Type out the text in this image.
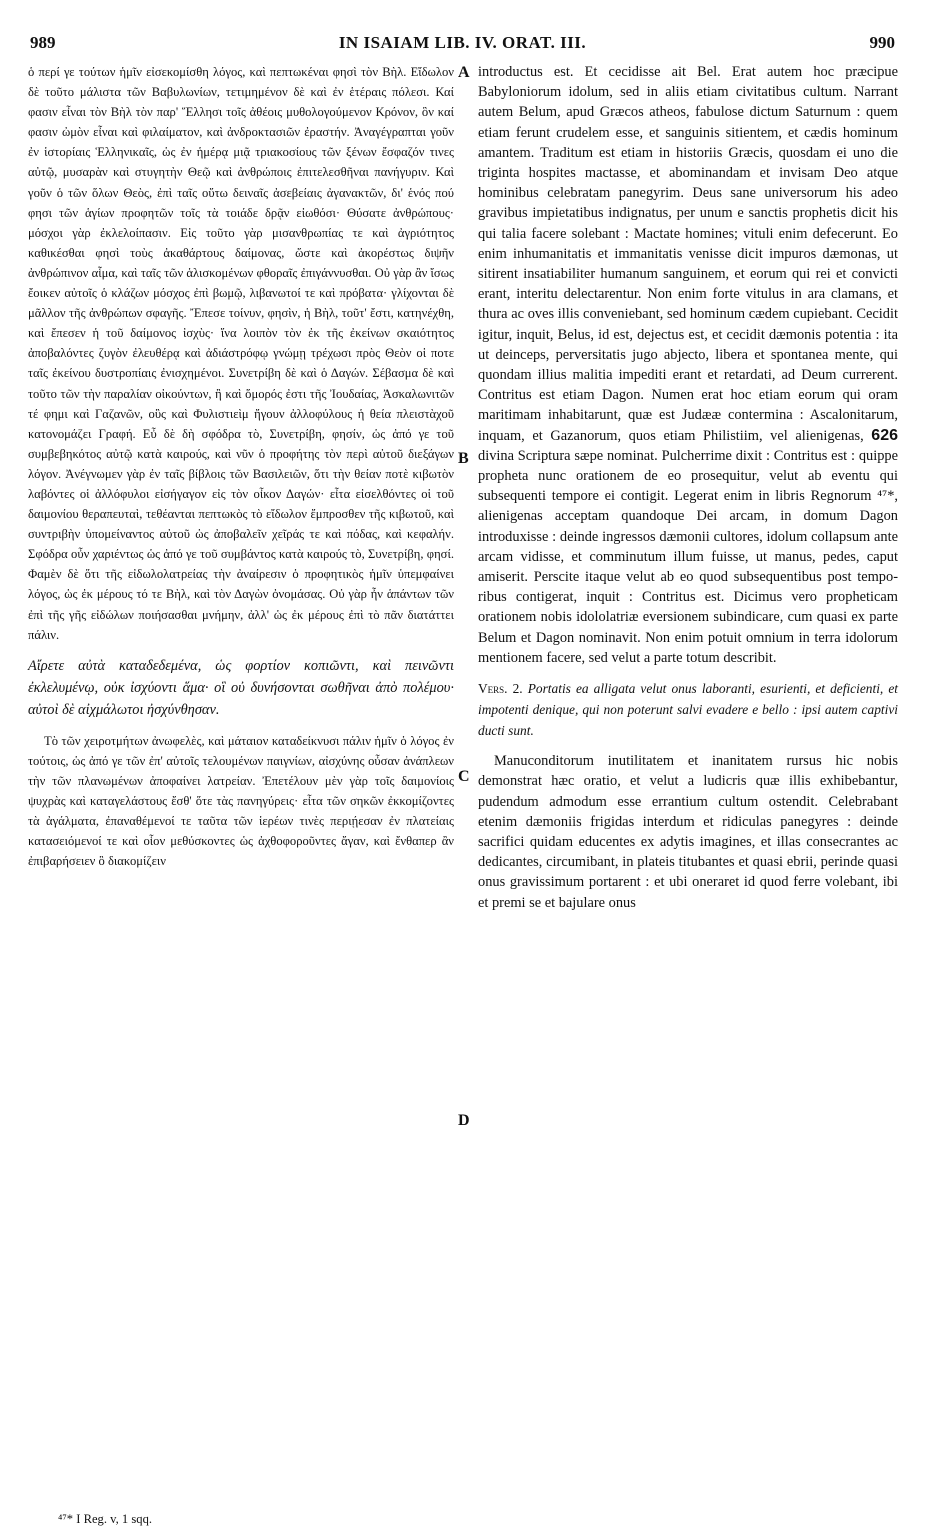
989	IN ISAIAM LIB. IV. ORAT. III.	990

ὁ περί γε τούτων ἡμῖν εἰσεκομίσθη λόγος, καὶ πεπτωκέναι φησὶ τὸν Βὴλ. Εἴδωλον δὲ τοῦτο μάλιστα τῶν Βαβυλωνίων, τετιμημένον δὲ καὶ ἐν ἑτέραις πόλεσι. Καί φασιν εἶναι τὸν Βὴλ τὸν παρ' Ἕλλησι τοῖς ἀθέοις μυθολογούμενον Κρόνον, ὃν καί φασιν ὠμὸν εἶναι καὶ φιλαίματον, καὶ ἀνδροκτασιῶν ἐραστήν. Ἀναγέγραπται γοῦν ἐν ἱστορίαις Ἑλληνικαῖς, ὡς ἐν ἡμέρᾳ μιᾷ τριακοσίους τῶν ξένων ἔσφαζόν τινες αὐτῷ, μυσαρὰν καὶ στυγητὴν Θεῷ καὶ ἀνθρώποις ἐπιτελεσθῆναι πανήγυριν. Καὶ γοῦν ὁ τῶν ὅλων Θεὸς, ἐπὶ ταῖς οὕτω δειναῖς ἀσεβείαις ἀγανακτῶν, δι' ἑνός πού φησι τῶν ἁγίων προφητῶν τοῖς τὰ τοιάδε δρᾷν εἰωθόσι· Θύσατε ἀνθρώπους· μόσχοι γὰρ ἐκλελοίπασιν. Εἰς τοῦτο γὰρ μισανθρωπίας τε καὶ ἀγριότητος καθικέσθαι φησὶ τοὺς ἀκαθάρτους δαίμονας, ὥστε καὶ ἀκορέστως διψῆν ἀνθρώπινον αἷμα, καὶ ταῖς τῶν ἁλισκομένων φθοραῖς ἐπιγάννυσθαι. Οὐ γὰρ ἂν ἴσως ἔοικεν αὐτοῖς ὁ κλάζων μόσχος ἐπὶ βωμῷ, λιβανωτοί τε καὶ πρόβατα· γλίχονται δὲ μᾶλλον τῆς ἀνθρώπων σφαγῆς. Ἔπεσε τοίνυν, φησὶν, ἡ Βὴλ, τοῦτ' ἔστι, κατηνέχθη, καὶ ἔπεσεν ἡ τοῦ δαίμονος ἰσχὺς· ἵνα λοιπὸν τὸν ἐκ τῆς ἐκείνων σκαιότητος ἀποβαλόντες ζυγὸν ἐλευθέρᾳ καὶ ἀδιάστρόφῳ γνώμῃ τρέχωσι πρὸς Θεὸν οἱ ποτε ταῖς ἐκείνου δυστροπίαις ἐνισχημένοι. Συνετρίβη δὲ καὶ ὁ Δαγών. Σέβασμα δὲ καὶ τοῦτο τῶν τὴν παραλίαν οἰκούντων, ἢ καὶ ὅμορός ἐστι τῆς Ἰουδαίας, Ἀσκαλωνιτῶν τέ φημι καὶ Γαζανῶν, οὓς καὶ Φυλιστιεὶμ ἤγουν ἀλλοφύλους ἡ θεία πλειστὰχοῦ κατονομάζει Γραφή. Εὖ δὲ δὴ σφόδρα τὸ, Συνετρίβη, φησίν, ὡς ἀπό γε τοῦ συμβεβηκότος αὐτῷ κατὰ καιρούς, καὶ νῦν ὁ προφήτης τὸν περὶ αὐτοῦ διεξάγων λόγον. Ἀνέγνωμεν γὰρ ἐν ταῖς βίβλοις τῶν Βασιλειῶν, ὅτι τὴν θείαν ποτὲ κιβωτὸν λαβόντες οἱ ἀλλόφυλοι εἰσήγαγον εἰς τὸν οἶκον Δαγών· εἶτα εἰσελθόντες οἱ τοῦ δαιμονίου θεραπευταὶ, τεθέανται πεπτωκὸς τὸ εἴδωλον ἔμπροσθεν τῆς κιβωτοῦ, καὶ συντριβὴν ὑπομείναντος αὐτοῦ ὡς ἀποβαλεῖν χεῖράς τε καὶ πόδας, καὶ κεφαλήν. Σφόδρα οὖν χαριέντως ὡς ἀπό γε τοῦ συμβάντος κατὰ καιρούς τὸ, Συνετρίβη, φησί. Φαμὲν δὲ ὅτι τῆς εἰδωλολατρείας τὴν ἀναίρεσιν ὁ προφητικὸς ἡμῖν ὑπεμφαίνει λόγος, ὡς ἐκ μέρους τό τε Βὴλ, καὶ τὸν Δαγὼν ὀνομάσας. Οὐ γὰρ ἦν ἁπάντων τῶν ἐπὶ τῆς γῆς εἰδώλων ποιήσασθαι μνήμην, ἀλλ' ὡς ἐκ μέρους ἐπὶ τὸ πᾶν διατάττει πάλιν.

Αἴρετε αὐτὰ καταδεδεμένα, ὡς φορτίον κοπιῶντι, καὶ πεινῶντι ἐκλελυμένῳ, οὐκ ἰσχύοντι ἅμα· οἳ οὐ δυνήσονται σωθῆναι ἀπὸ πολέμου· αὐτοὶ δὲ αἰχμάλωτοι ἠσχύνθησαν.

Τὸ τῶν χειροτμήτων ἀνωφελὲς, καὶ μάταιον καταδείκνυσι πάλιν ἡμῖν ὁ λόγος ἐν τούτοις, ὡς ἀπό γε τῶν ἐπ' αὐτοῖς τελουμένων παιγνίων, αἰσχύνης οὖσαν ἀνάπλεων τὴν τῶν πλανωμένων ἀποφαίνει λατρείαν. Ἐπετέλουν μὲν γὰρ τοῖς δαιμονίοις ψυχρὰς καὶ καταγελάστους ἔσθ' ὅτε τὰς πανηγύρεις· εἶτα τῶν σηκῶν ἐκκομίζοντες τὰ ἀγάλματα, ἐπαναθέμενοί τε ταῦτα τῶν ἱερέων τινὲς περιῄεσαν ἐν πλατείαις κατασειόμενοί τε καὶ οἷον μεθύσκοντες ὡς ἀχθοφοροῦντες ἄγαν, καὶ ἔνθαπερ ἂν ἐπιβαρήσειεν ὃ διακομίζειν

introductus est. Et cecidisse ait Bel. Erat autem hoc præcipue Babyloniorum idolum, sed in aliis etiam civitatibus cultum. Narrant autem Belum, apud Græcos atheos, fabulose dictum Saturnum : quem etiam ferunt crudelem esse, et sanguinis sitientem, et cædis hominum amantem. Traditum est etiam in historiis Græcis, quosdam ei uno die triginta hospites mactasse, et abominandam et invisam Deo atque hominibus celebratam panegyrim. Deus sane universorum his adeo gravibus impietatibus indignatus, per unum e sanctis prophetis dicit his qui talia facere solebant : Mactate homines; vituli enim defecerunt. Eo enim inhumanitatis et immanitatis venisse dicit impuros dæmonas, ut sitirent insatiabiliter humanum sanguinem, et eorum qui rei et convicti erant, interitu delectarentur. Non enim forte vitulus in ara clamans, et thura ac oves illis conveniebant, sed hominum cædem cupiebant. Cecidit igitur, inquit, Belus, id est, dejectus est, et cecidit dæmonis potentia : ita ut deinceps, perversitatis jugo abjecto, libera et spontanea mente, qui quondam illius malitia impediti erant et retardati, ad Deum currerent. Contritus est etiam Dagon. Numen erat hoc etiam eorum qui oram maritimam inhabitarunt, quæ est Judææ contermina : Ascalonitarum, inquam, et Gazanorum, quos etiam Philistiim, vel alienigenas, 626 divina Scriptura sæpe nominat. Pulcherrime dixit : Contritus est : quippe propheta nunc orationem de eo prosequitur, velut ab eventu qui subsequenti tempore ei contigit. Legerat enim in libris Regnorum ⁴⁷*, alienigenas acceptam quandoque Dei arcam, in domum Dagon introduxisse : deinde ingressos dæmonii cultores, idolum collapsum ante arcam vidisse, et comminutum illum fuisse, ut manus, pedes, caput amiserit. Perscite itaque velut ab eo quod subsequentibus post temporibus contigerat, inquit : Contritus est. Dicimus vero propheticam orationem nobis idololatriæ eversionem subindicare, cum quasi ex parte Belum et Dagon nominavit. Non enim potuit omnium in terra idolorum mentionem facere, sed velut a parte totum describit.

Vers. 2. Portatis ea alligata velut onus laboranti, esurienti, et deficienti, et impotenti denique, qui non poterunt salvi evadere e bello : ipsi autem captivi ducti sunt.

Manuconditorum inutilitatem et inanitatem rursus hic nobis demonstrat hæc oratio, et velut a ludicris quæ illis exhibebantur, pudendum admodum esse errantium cultum ostendit. Celebrabant etenim dæmoniis frigidas interdum et ridiculas panegyres : deinde sacrifici quidam educentes ex adytis imagines, et illas consecrantes ac dedicantes, circumibant, in plateis titubantes et quasi ebrii, perinde quasi onus gravissimum portarent : et ubi oneraret id quod ferre volebant, ibi et premi se et bajulare onus

A
B
C
D
⁴⁷* I Reg. v, 1 sqq.
